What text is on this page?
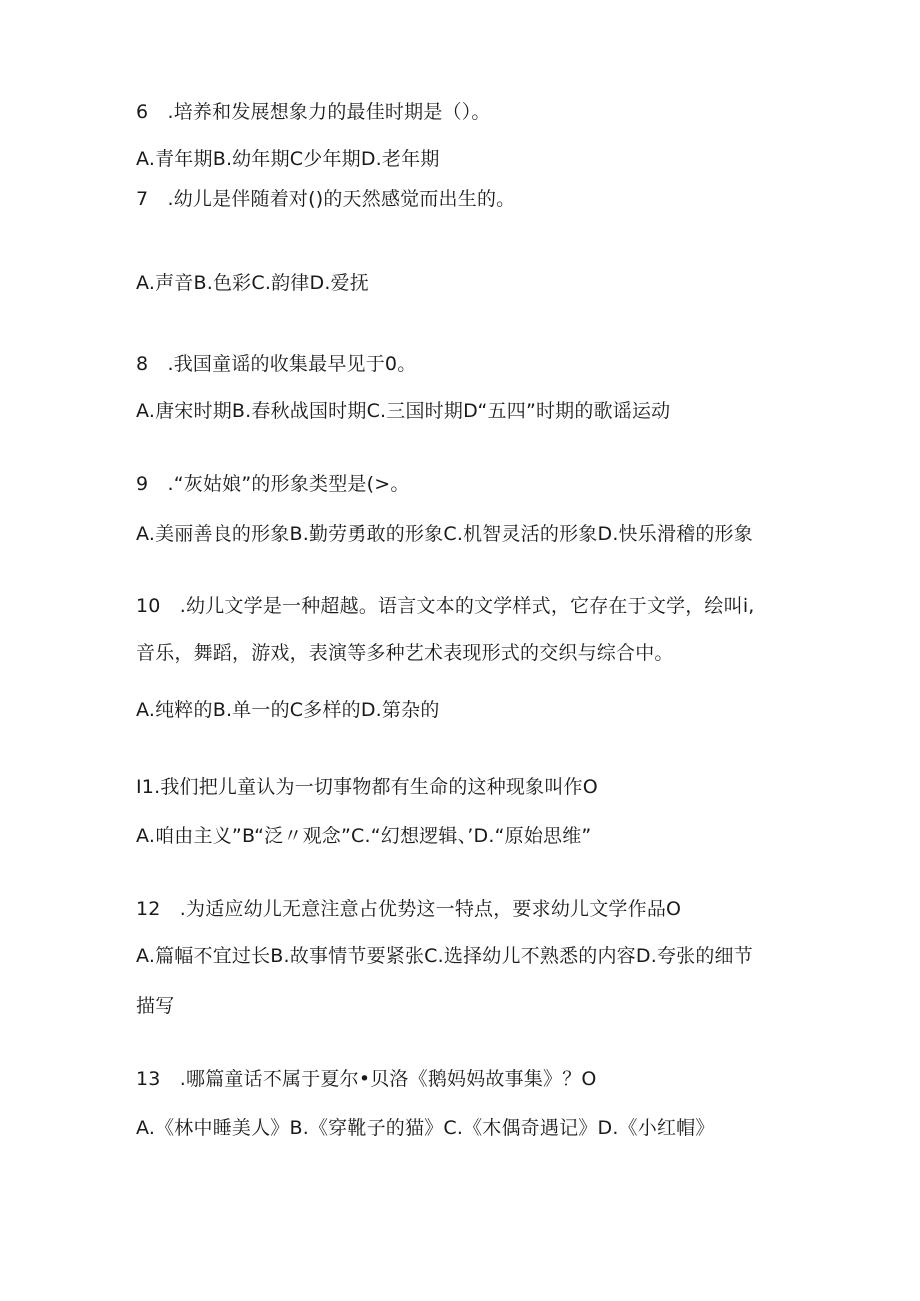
6　.培养和发展想象力的最佳时期是（）。
A.青年期B.幼年期C少年期D.老年期
7　.幼儿是伴随着对()的天然感觉而出生的。
A.声音B.色彩C.韵律D.爱抚
8　.我国童谣的收集最早见于0。
A.唐宋时期B.春秋战国时期C.三国时期D“五四”时期的歌谣运动
9　.“灰姑娘”的形象类型是(>。
A.美丽善良的形象B.勤劳勇敢的形象C.机智灵活的形象D.快乐滑稽的形象
10　.幼儿文学是一种超越。语言文本的文学样式，它存在于文学，绘叫і,
音乐，舞蹈，游戏，表演等多种艺术表现形式的交织与综合中。
A.纯粹的B.单一的C多样的D.第杂的
I1.我们把儿童认为一切事物都有生命的这种现象叫作O
A.咱由主义”B“泛〃观念”C.“幻想逻辑、’D.“原始思维”
12　.为适应幼儿无意注意占优势这一特点，要求幼儿文学作品O
A.篇幅不宜过长B.故事情节要紧张C.选择幼儿不熟悉的内容D.夸张的细节
描写
13　.哪篇童话不属于夏尔•贝洛《鹅妈妈故事集》？O
A.《林中睡美人》B.《穿靴子的猫》C.《木偶奇遇记》D.《小红帽》
